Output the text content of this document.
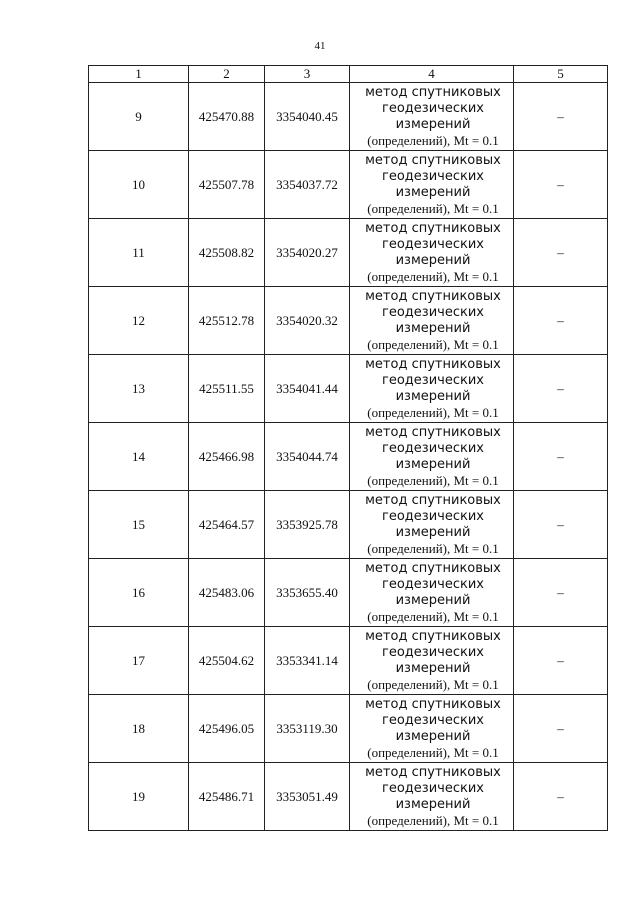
41
1	2	3	4	5
9	425470.88	3354040.45	метод спутниковых
геодезических
измерений
(определений), Mt = 0.1	–
10	425507.78	3354037.72	метод спутниковых
геодезических
измерений
(определений), Mt = 0.1	–
11	425508.82	3354020.27	метод спутниковых
геодезических
измерений
(определений), Mt = 0.1	–
12	425512.78	3354020.32	метод спутниковых
геодезических
измерений
(определений), Mt = 0.1	–
13	425511.55	3354041.44	метод спутниковых
геодезических
измерений
(определений), Mt = 0.1	–
14	425466.98	3354044.74	метод спутниковых
геодезических
измерений
(определений), Mt = 0.1	–
15	425464.57	3353925.78	метод спутниковых
геодезических
измерений
(определений), Mt = 0.1	–
16	425483.06	3353655.40	метод спутниковых
геодезических
измерений
(определений), Mt = 0.1	–
17	425504.62	3353341.14	метод спутниковых
геодезических
измерений
(определений), Mt = 0.1	–
18	425496.05	3353119.30	метод спутниковых
геодезических
измерений
(определений), Mt = 0.1	–
19	425486.71	3353051.49	метод спутниковых
геодезических
измерений
(определений), Mt = 0.1	–
